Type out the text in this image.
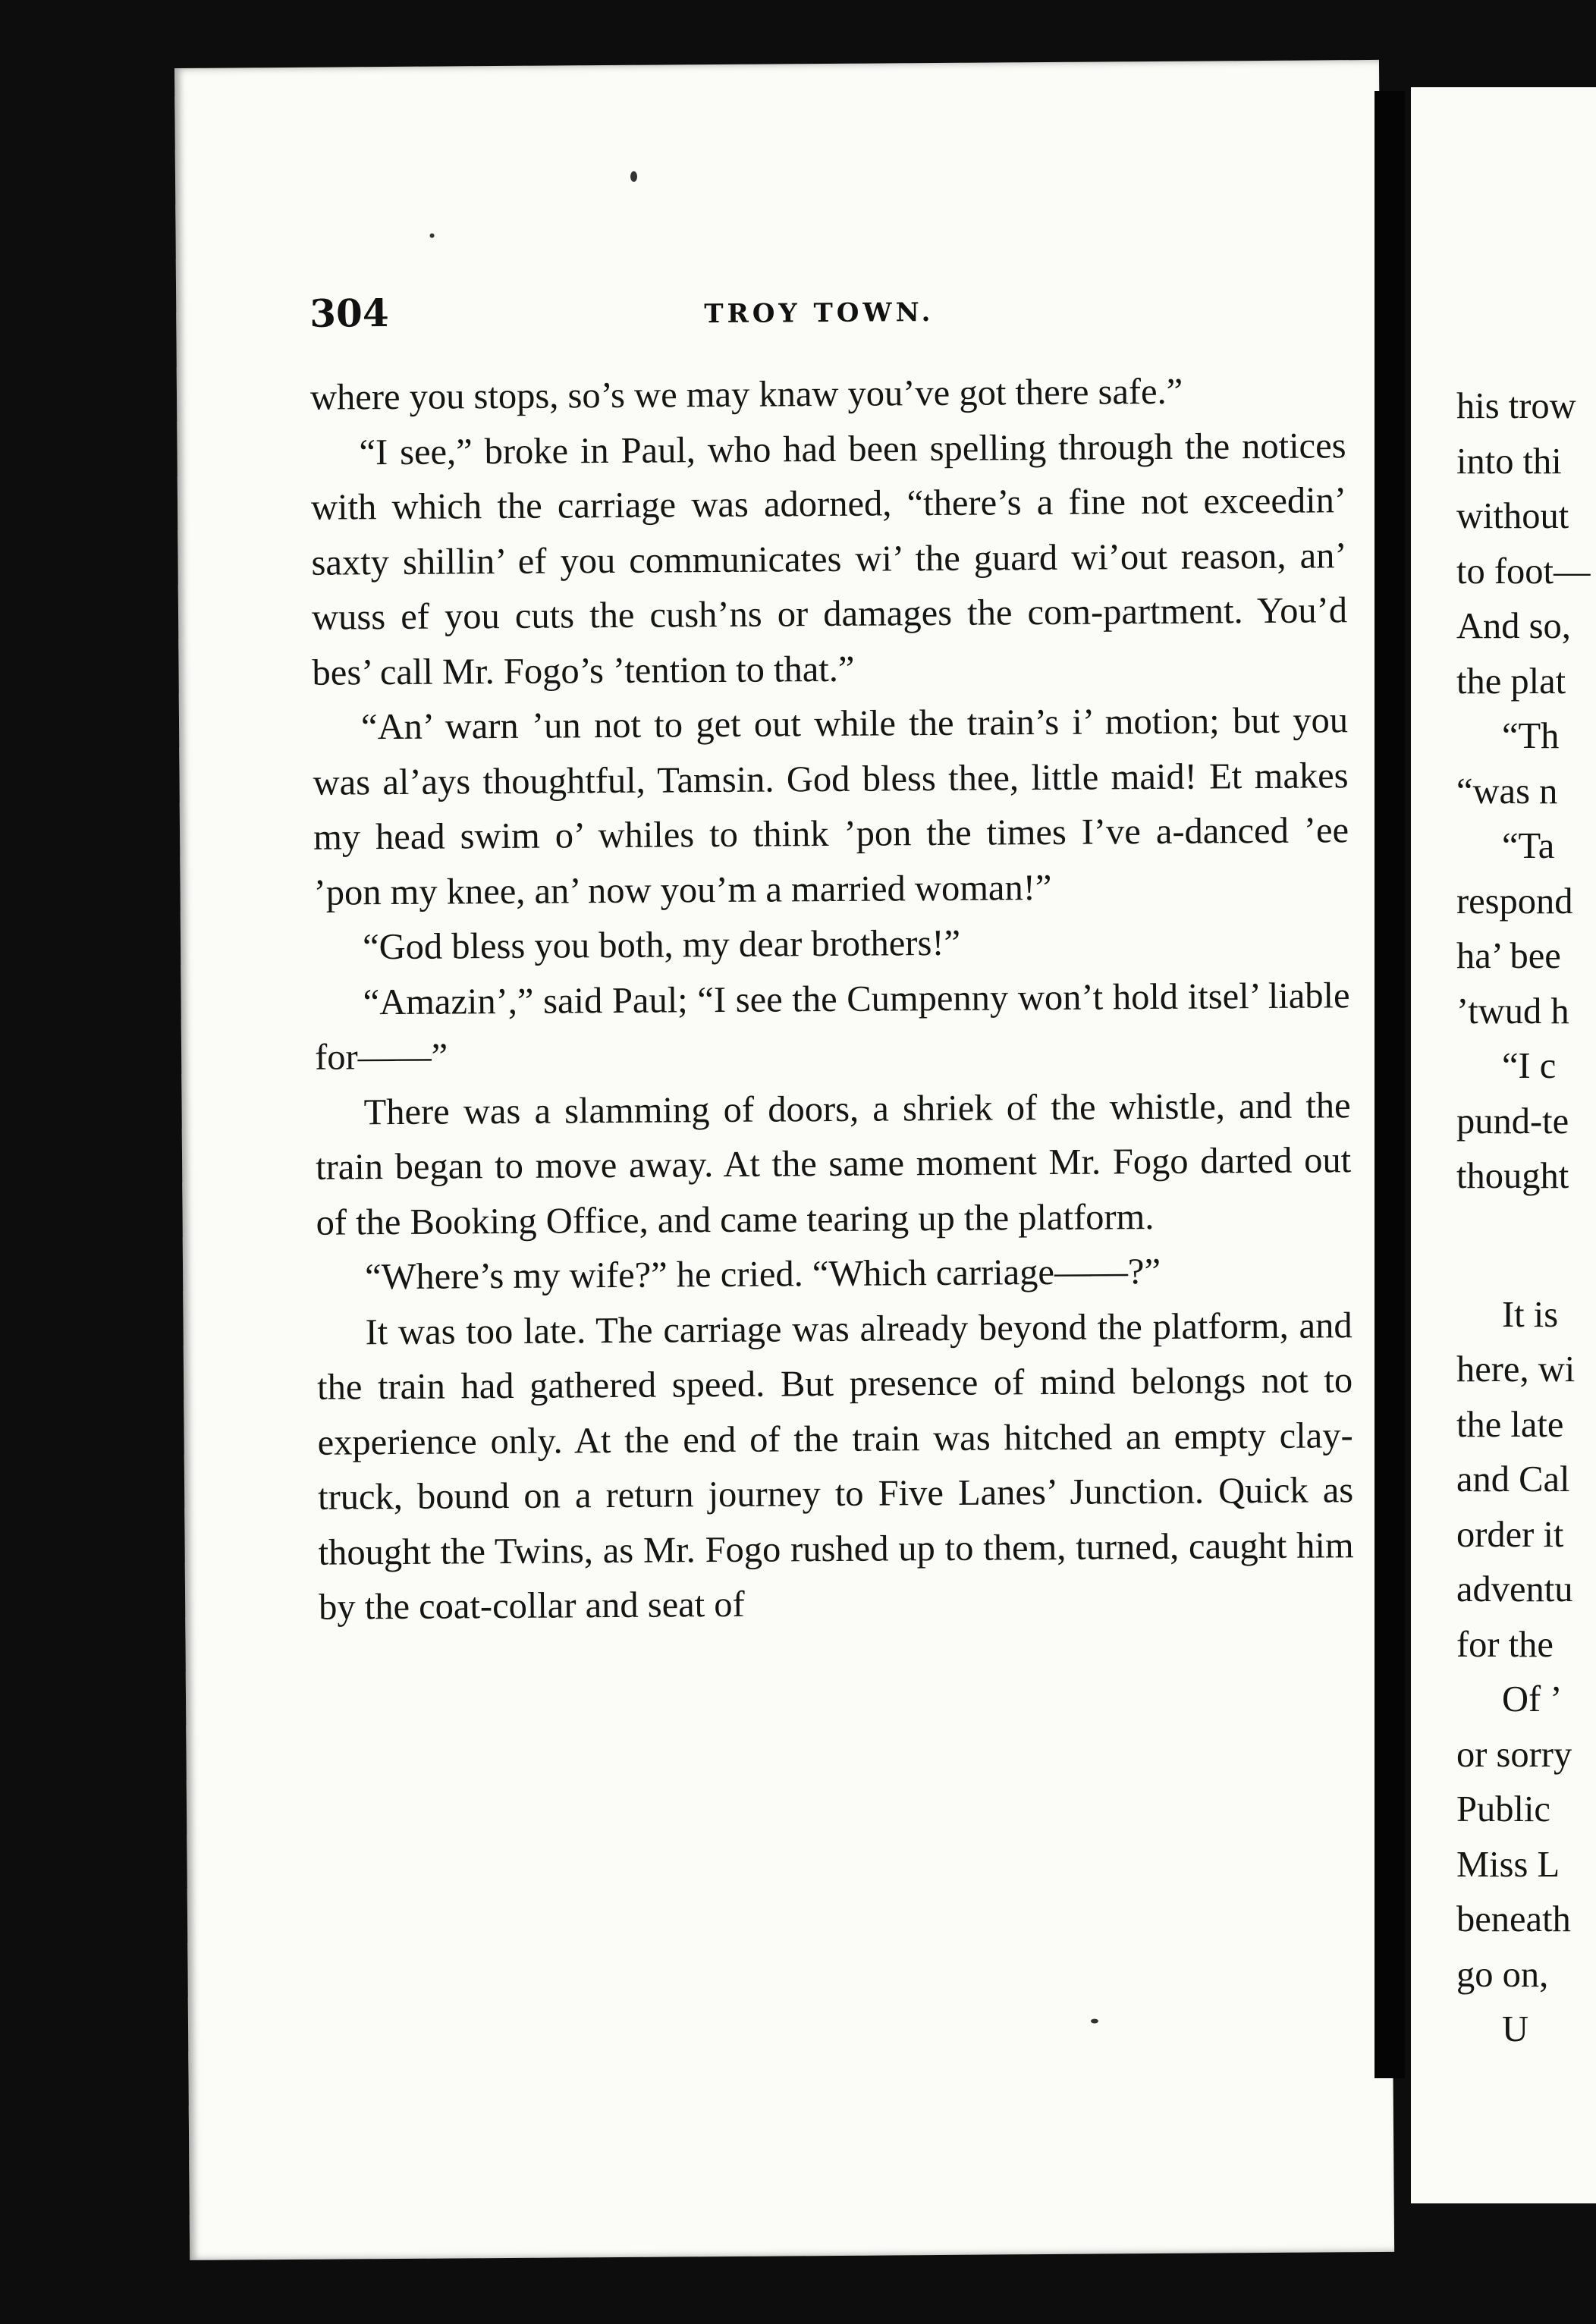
304	TROY TOWN.

where you stops, so’s we may knaw you’ve got there safe.”

“I see,” broke in Paul, who had been spelling through the notices with which the carriage was adorned, “there’s a fine not exceedin’ saxty shillin’ ef you communicates wi’ the guard wi’out reason, an’ wuss ef you cuts the cush’ns or damages the com-partment. You’d bes’ call Mr. Fogo’s ’tention to that.”

“An’ warn ’un not to get out while the train’s i’ motion; but you was al’ays thoughtful, Tamsin. God bless thee, little maid! Et makes my head swim o’ whiles to think ’pon the times I’ve a-danced ’ee ’pon my knee, an’ now you’m a married woman!”

“God bless you both, my dear brothers!”

“Amazin’,” said Paul; “I see the Cumpenny won’t hold itsel’ liable for——”

There was a slamming of doors, a shriek of the whistle, and the train began to move away. At the same moment Mr. Fogo darted out of the Booking Office, and came tearing up the platform.

“Where’s my wife?” he cried. “Which carriage——?”

It was too late. The carriage was already beyond the platform, and the train had gathered speed. But presence of mind belongs not to experience only. At the end of the train was hitched an empty clay-truck, bound on a return journey to Five Lanes’ Junction. Quick as thought the Twins, as Mr. Fogo rushed up to them, turned, caught him by the coat-collar and seat of

his trow
into thi
without
to foot—
And so,
the plat
“Th
“was n
“Ta
respond
ha’ bee
’twud h
“I c
pund-te
thought
It is
here, wi
the late
and Cal
order it
adventu
for the
Of ’
or sorry
Public
Miss L
beneath
go on,
U
